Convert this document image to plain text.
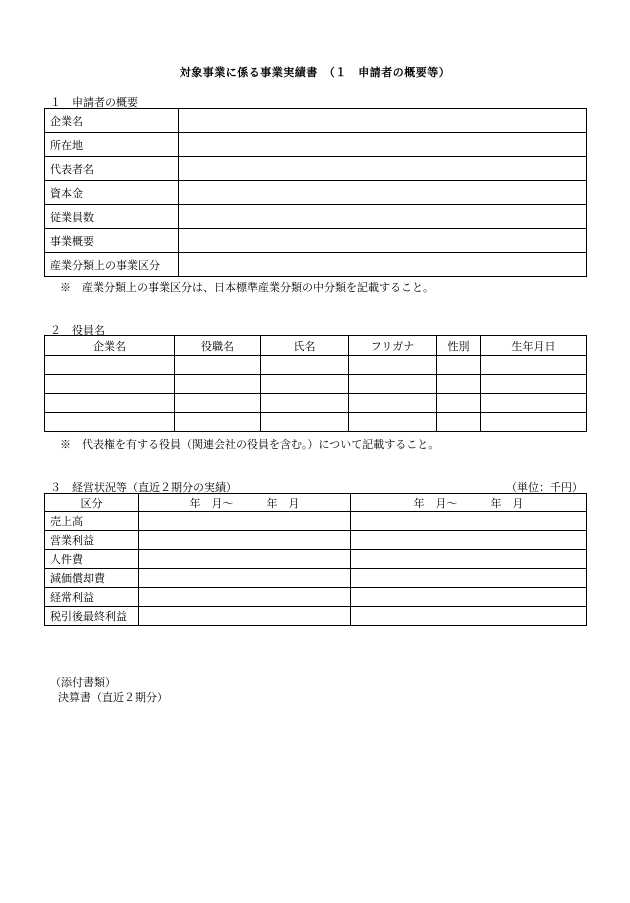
対象事業に係る事業実績書　（１　申請者の概要等）
１　申請者の概要
企業名	
所在地	
代表者名	
資本金	
従業員数	
事業概要	
産業分類上の事業区分	
※　産業分類上の事業区分は、日本標準産業分類の中分類を記載すること。
２　役員名
企業名	役職名	氏名	フリガナ	性別	生年月日

※　代表権を有する役員（関連会社の役員を含む。）について記載すること。
３　経営状況等（直近２期分の実績）	（単位：千円）
区分	年　月～　　　年　月	年　月～　　　年　月
売上高		
営業利益		
人件費		
減価償却費		
経常利益		
税引後最終利益		
（添付書類）
決算書（直近２期分）
